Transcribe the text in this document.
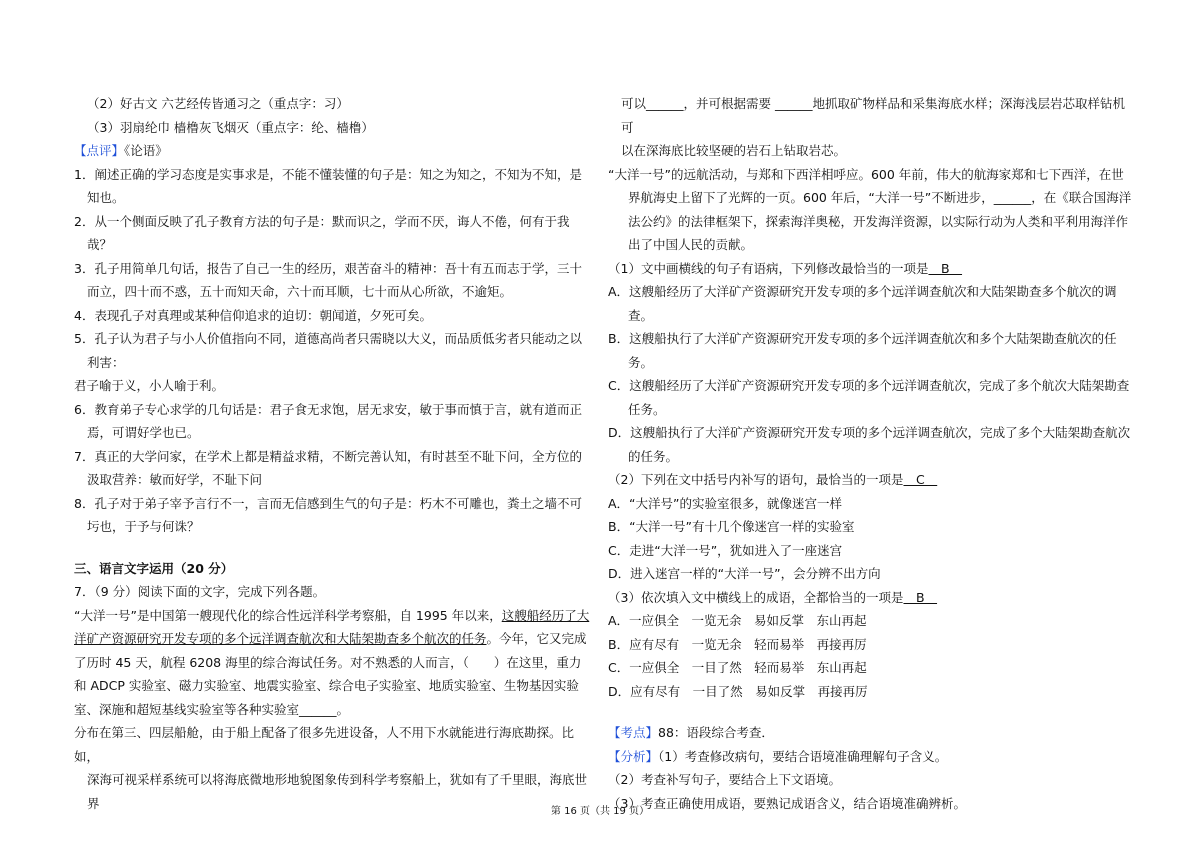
（2）好古文 六艺经传皆通习之（重点字：习）

（3）羽扇纶巾 樯橹灰飞烟灭（重点字：纶、樯橹）

【点评】《论语》

1．阐述正确的学习态度是实事求是，不能不懂装懂的句子是：知之为知之，不知为不知，是知也。

2．从一个侧面反映了孔子教育方法的句子是：默而识之，学而不厌，诲人不倦，何有于我哉？

3．孔子用简单几句话，报告了自己一生的经历，艰苦奋斗的精神：吾十有五而志于学，三十而立，四十而不惑，五十而知天命，六十而耳顺，七十而从心所欲，不逾矩。

4．表现孔子对真理或某种信仰追求的迫切：朝闻道，夕死可矣。

5．孔子认为君子与小人价值指向不同，道德高尚者只需晓以大义，而品质低劣者只能动之以利害：

君子喻于义，小人喻于利。

6．教育弟子专心求学的几句话是：君子食无求饱，居无求安，敏于事而慎于言，就有道而正焉，可谓好学也已。

7．真正的大学问家，在学术上都是精益求精，不断完善认知，有时甚至不耻下问，全方位的汲取营养：敏而好学，不耻下问

8．孔子对于弟子宰予言行不一，言而无信感到生气的句子是：朽木不可雕也，粪土之墙不可圬也，于予与何诛？

三、语言文字运用（20 分）

7．（9 分）阅读下面的文字，完成下列各题。

“大洋一号”是中国第一艘现代化的综合性远洋科学考察船，自 1995 年以来，这艘船经历了大洋矿产资源研究开发专项的多个远洋调查航次和大陆架勘查多个航次的任务。今年，它又完成了历时 45 天，航程 6208 海里的综合海试任务。对不熟悉的人而言，（　　）在这里，重力和 ADCP 实验室、磁力实验室、地震实验室、综合电子实验室、地质实验室、生物基因实验室、深施和超短基线实验室等各种实验室______。

分布在第三、四层船舱，由于船上配备了很多先进设备，人不用下水就能进行海底勘探。比如，

深海可视采样系统可以将海底微地形地貌图象传到科学考察船上，犹如有了千里眼，海底世界

可以______，并可根据需要 ______地抓取矿物样品和采集海底水样；深海浅层岩芯取样钻机可

以在深海底比较坚硬的岩石上钻取岩芯。

“大洋一号”的远航活动，与郑和下西洋相呼应。600 年前，伟大的航海家郑和七下西洋，在世界航海史上留下了光辉的一页。600 年后，“大洋一号”不断进步，______，在《联合国海洋法公约》的法律框架下，探索海洋奥秘，开发海洋资源，以实际行动为人类和平利用海洋作出了中国人民的贡献。

（1）文中画横线的句子有语病，下列修改最恰当的一项是　B　

A．这艘船经历了大洋矿产资源研究开发专项的多个远洋调查航次和大陆架勘查多个航次的调查。

B．这艘船执行了大洋矿产资源研究开发专项的多个远洋调查航次和多个大陆架勘查航次的任务。

C．这艘船经历了大洋矿产资源研究开发专项的多个远洋调查航次，完成了多个航次大陆架勘查任务。

D．这艘船执行了大洋矿产资源研究开发专项的多个远洋调查航次，完成了多个大陆架勘查航次的任务。

（2）下列在文中括号内补写的语句，最恰当的一项是　C　

A．“大洋号”的实验室很多，就像迷宫一样

B．“大洋一号”有十几个像迷宫一样的实验室

C．走进“大洋一号”，犹如进入了一座迷宫

D．进入迷宫一样的“大洋一号”，会分辨不出方向

（3）依次填入文中横线上的成语，全都恰当的一项是　B　

A．一应俱全　一览无余　易如反掌　东山再起

B．应有尽有　一览无余　轻而易举　再接再厉

C．一应俱全　一目了然　轻而易举　东山再起

D．应有尽有　一目了然　易如反掌　再接再厉

【考点】88：语段综合考查．

【分析】（1）考查修改病句，要结合语境准确理解句子含义。

（2）考查补写句子，要结合上下文语境。

（3）考查正确使用成语，要熟记成语含义，结合语境准确辨析。

第 16 页（共 19 页）
